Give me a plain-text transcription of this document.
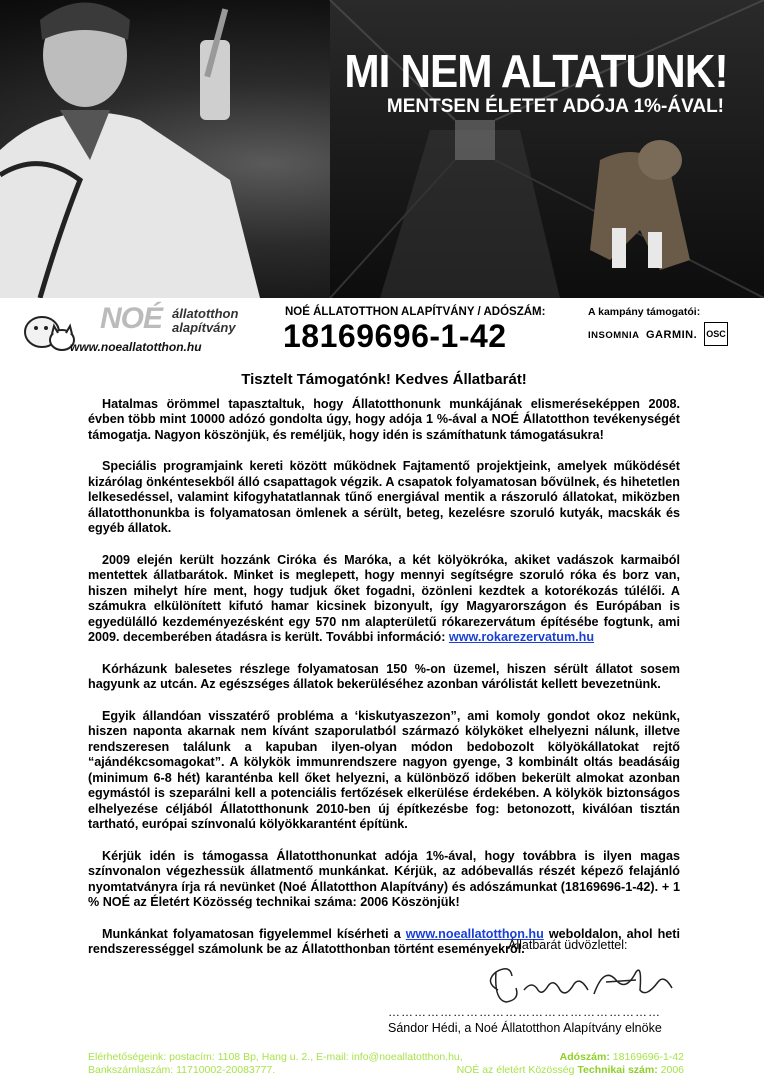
MI NEM ALTATUNK!
MENTSEN ÉLETET ADÓJA 1%-ÁVAL!
NOÉ állatotthon
alapítvány
www.noeallatotthon.hu
NOÉ ÁLLATOTTHON ALAPÍTVÁNY / ADÓSZÁM:
18169696-1-42
A kampány támogatói:
INSOMNIA GARMIN. OSC
Tisztelt Támogatónk! Kedves Állatbarát!

Hatalmas örömmel tapasztaltuk, hogy Állatotthonunk munkájának elismeréseképpen 2008. évben több mint 10000 adózó gondolta úgy, hogy adója 1 %-ával a NOÉ Állatotthon tevékenységét támogatja. Nagyon köszönjük, és reméljük, hogy idén is számíthatunk támogatásukra!

Speciális programjaink kereti között működnek Fajtamentő projektjeink, amelyek működését kizárólag önkéntesekből álló csapattagok végzik. A csapatok folyamatosan bővülnek, és hihetetlen lelkesedéssel, valamint kifogyhatatlannak tűnő energiával mentik a rászoruló állatokat, miközben állatotthonunkba is folyamatosan ömlenek a sérült, beteg, kezelésre szoruló kutyák, macskák és egyéb állatok.

2009 elején került hozzánk Ciróka és Maróka, a két kölyökróka, akiket vadászok karmaiból mentettek állatbarátok. Minket is meglepett, hogy mennyi segítségre szoruló róka és borz van, hiszen mihelyt híre ment, hogy tudjuk őket fogadni, özönleni kezdtek a kotorékozás túlélői. A számukra elkülönített kifutó hamar kicsinek bizonyult, így Magyarországon és Európában is egyedülálló kezdeményezésként egy 570 nm alapterületű rókarezervátum építésébe fogtunk, ami 2009. decemberében átadásra is került. További információ: www.rokarezervatum.hu

Kórházunk balesetes részlege folyamatosan 150 %-on üzemel, hiszen sérült állatot sosem hagyunk az utcán. Az egészséges állatok bekerüléséhez azonban várólistát kellett bevezetnünk.

Egyik állandóan visszatérő probléma a ‘kiskutyaszezon”, ami komoly gondot okoz nekünk, hiszen naponta akarnak nem kívánt szaporulatból származó kölyköket elhelyezni nálunk, illetve rendszeresen találunk a kapuban ilyen-olyan módon bedobozolt kölyökállatokat rejtő “ajándékcsomagokat”. A kölykök immunrendszere nagyon gyenge, 3 kombinált oltás beadásáig (minimum 6-8 hét) karanténba kell őket helyezni, a különböző időben bekerült almokat azonban egymástól is szeparálni kell a potenciális fertőzések elkerülése érdekében. A kölykök biztonságos elhelyezése céljából Állatotthonunk 2010-ben új építkezésbe fog: betonozott, kiválóan tisztán tartható, európai színvonalú kölyökkarantént építünk.

Kérjük idén is támogassa Állatotthonunkat adója 1%-ával, hogy továbbra is ilyen magas színvonalon végezhessük állatmentő munkánkat. Kérjük, az adóbevallás részét képező felajánló nyomtatványra írja rá nevünket (Noé Állatotthon Alapítvány) és adószámunkat (18169696-1-42). + 1 % NOÉ az Életért Közösség technikai száma: 2006 Köszönjük!

Munkánkat folyamatosan figyelemmel kísérheti a www.noeallatotthon.hu weboldalon, ahol heti rendszerességgel számolunk be az Állatotthonban történt eseményekről.

Állatbarát üdvözlettel:
………………………………………………………
Sándor Hédi, a Noé Állatotthon Alapítvány elnöke
Elérhetőségeink: postacím: 1108 Bp, Hang u. 2., E-mail: info@noeallatotthon.hu,	Adószám: 18169696-1-42
Bankszámlaszám: 11710002-20083777.	NOÉ az életért Közösség Technikai szám: 2006
